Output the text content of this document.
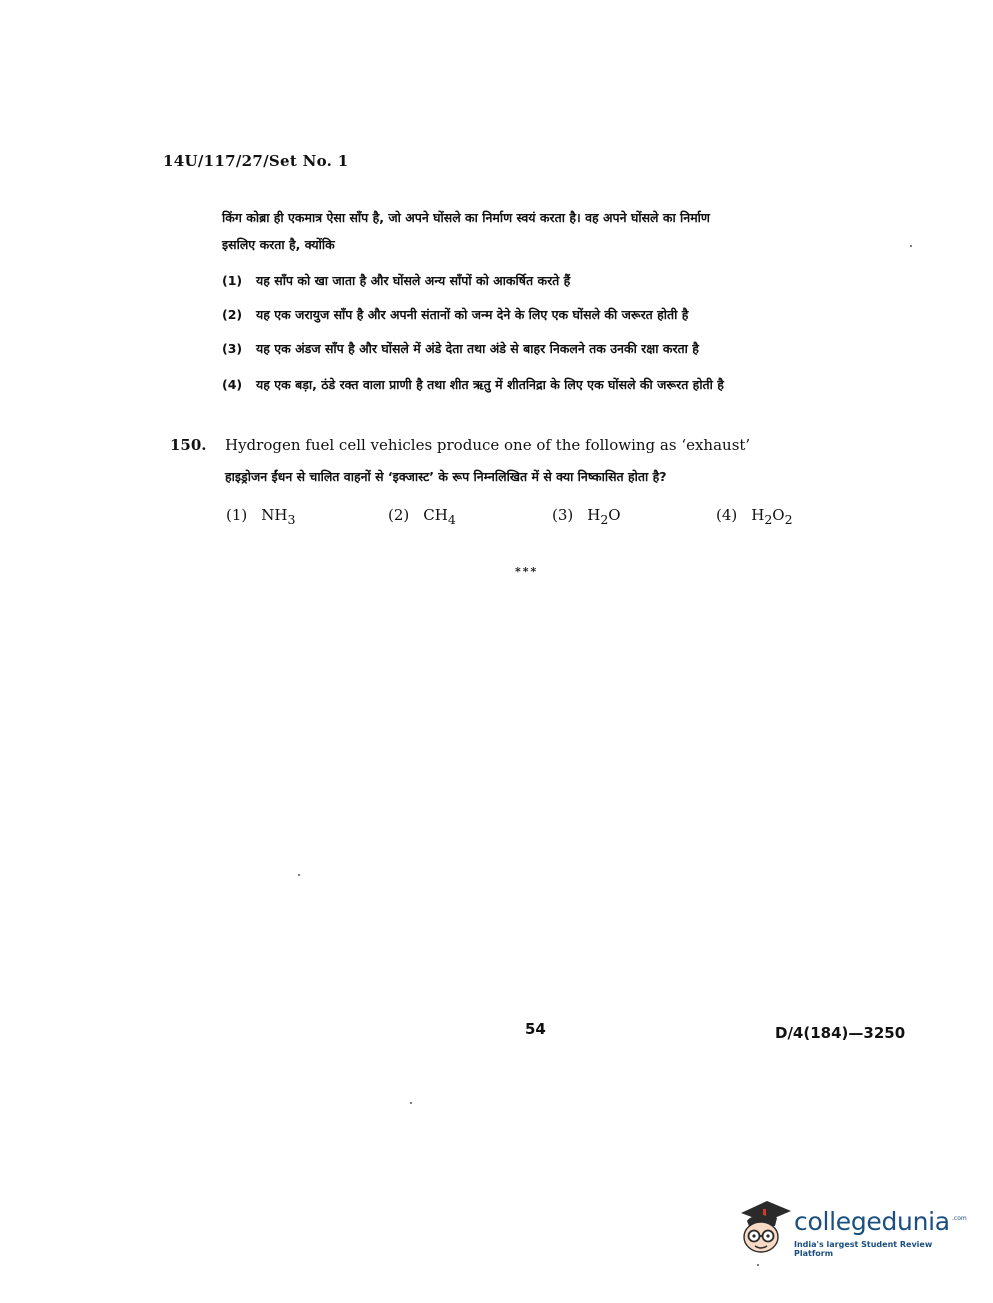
14U/117/27/Set No. 1
किंग कोब्रा ही एकमात्र ऐसा साँप है, जो अपने घोंसले का निर्माण स्वयं करता है। वह अपने घोंसले का निर्माण
इसलिए करता है, क्योंकि
(1) यह साँप को खा जाता है और घोंसले अन्य साँपों को आकर्षित करते हैं
(2) यह एक जरायुज साँप है और अपनी संतानों को जन्म देने के लिए एक घोंसले की जरूरत होती है
(3) यह एक अंडज साँप है और घोंसले में अंडे देता तथा अंडे से बाहर निकलने तक उनकी रक्षा करता है
(4) यह एक बड़ा, ठंडे रक्त वाला प्राणी है तथा शीत ऋतु में शीतनिद्रा के लिए एक घोंसले की जरूरत होती है
150. Hydrogen fuel cell vehicles produce one of the following as ‘exhaust’
हाइड्रोजन ईंधन से चालित वाहनों से ‘इक्जास्ट’ के रूप निम्नलिखित में से क्या निष्कासित होता है?
(1) $NH_3$	(2) $CH_4$	(3) $H_2O$	(4) $H_2O_2$
***
54	D/4(184)—3250
collegedunia .com
India's largest Student Review Platform
